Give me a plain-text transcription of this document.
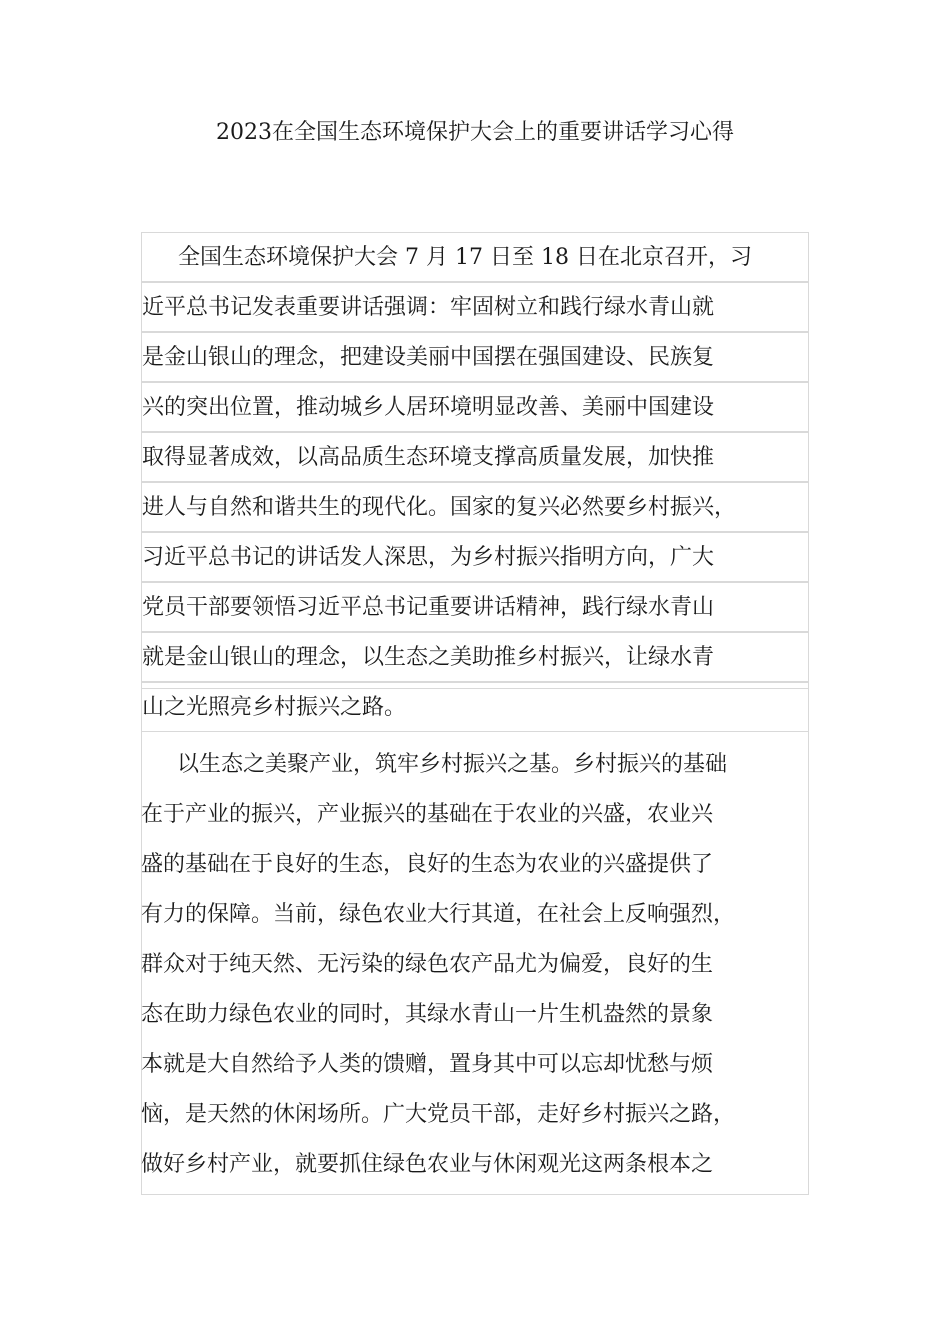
2023在全国生态环境保护大会上的重要讲话学习心得
全国生态环境保护大会 7 月 17 日至 18 日在北京召开，习
近平总书记发表重要讲话强调：牢固树立和践行绿水青山就
是金山银山的理念，把建设美丽中国摆在强国建设、民族复
兴的突出位置，推动城乡人居环境明显改善、美丽中国建设
取得显著成效，以高品质生态环境支撑高质量发展，加快推
进人与自然和谐共生的现代化。国家的复兴必然要乡村振兴，
习近平总书记的讲话发人深思，为乡村振兴指明方向，广大
党员干部要领悟习近平总书记重要讲话精神，践行绿水青山
就是金山银山的理念，以生态之美助推乡村振兴，让绿水青
山之光照亮乡村振兴之路。
以生态之美聚产业，筑牢乡村振兴之基。乡村振兴的基础
在于产业的振兴，产业振兴的基础在于农业的兴盛，农业兴
盛的基础在于良好的生态，良好的生态为农业的兴盛提供了
有力的保障。当前，绿色农业大行其道，在社会上反响强烈，
群众对于纯天然、无污染的绿色农产品尤为偏爱，良好的生
态在助力绿色农业的同时，其绿水青山一片生机盎然的景象
本就是大自然给予人类的馈赠，置身其中可以忘却忧愁与烦
恼，是天然的休闲场所。广大党员干部，走好乡村振兴之路，
做好乡村产业，就要抓住绿色农业与休闲观光这两条根本之
